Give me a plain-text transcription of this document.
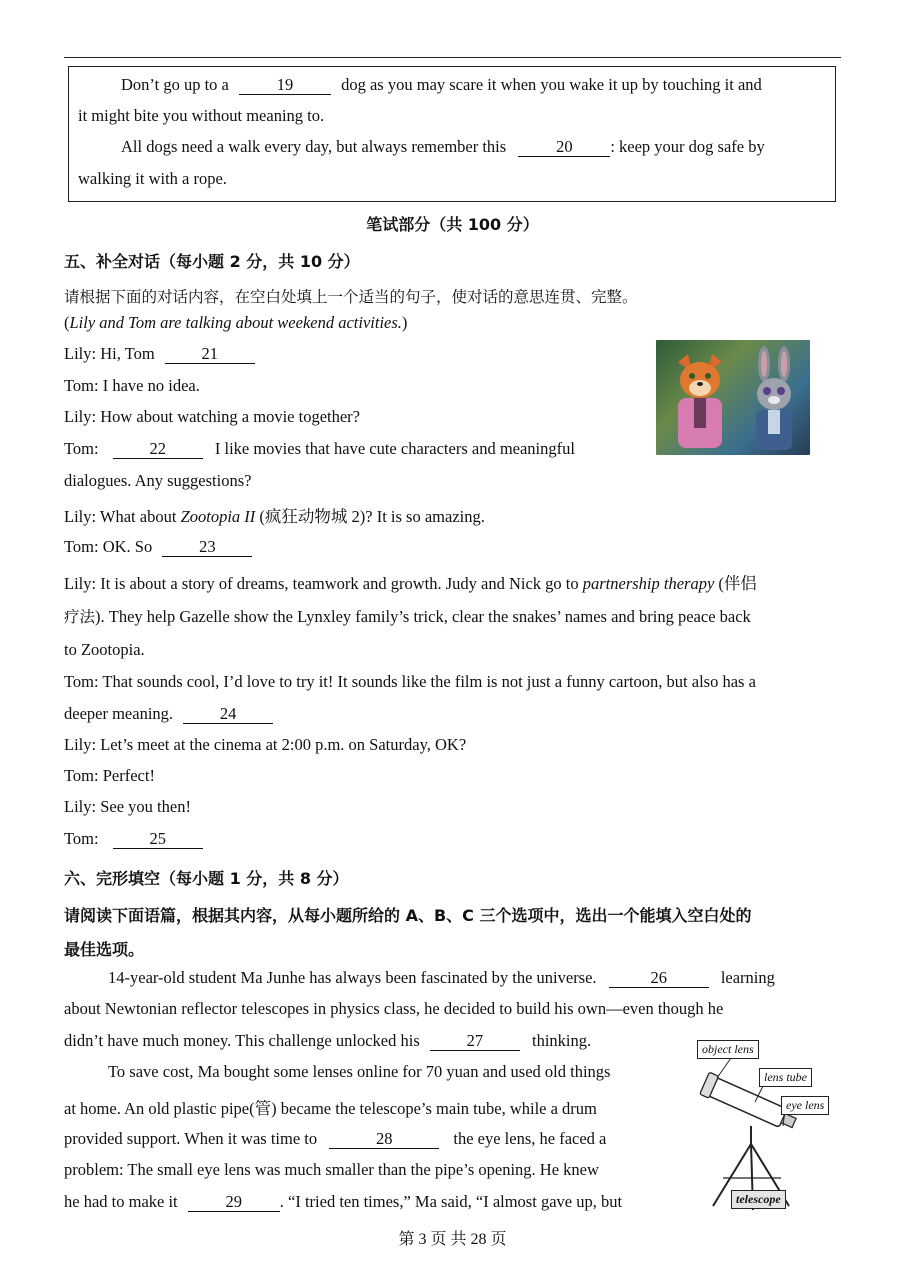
Don’t go up to a	19	dog as you may scare it when you wake it up by touching it and
it might bite you without meaning to.
All dogs need a walk every day, but always remember this	20 : keep your dog safe by
walking it with a rope.
笔试部分（共 100 分）
五、补全对话（每小题 2 分，共 10 分）
请根据下面的对话内容，在空白处填上一个适当的句子，使对话的意思连贯、完整。
(Lily and Tom are talking about weekend activities.)
Lily: Hi, Tom	21
Tom: I have no idea.
Lily: How about watching a movie together?
Tom:	22	I like movies that have cute characters and meaningful
dialogues. Any suggestions?
Lily: What about Zootopia II (疯狂动物城 2)? It is so amazing.
Tom: OK. So	23
Lily: It is about a story of dreams, teamwork and growth. Judy and Nick go to partnership therapy (伴侣
疗法). They help Gazelle show the Lynxley family’s trick, clear the snakes’ names and bring peace back
to Zootopia.
Tom: That sounds cool, I’d love to try it! It sounds like the film is not just a funny cartoon, but also has a
deeper meaning.	24
Lily: Let’s meet at the cinema at 2:00 p.m. on Saturday, OK?
Tom: Perfect!
Lily: See you then!
Tom:	25
六、完形填空（每小题 1 分，共 8 分）
请阅读下面语篇，根据其内容，从每小题所给的 A、B、C 三个选项中，选出一个能填入空白处的
最佳选项。
14-year-old student Ma Junhe has always been fascinated by the universe.	26	learning
about Newtonian reflector telescopes in physics class, he decided to build his own—even though he
didn’t have much money. This challenge unlocked his	27	thinking.
To save cost, Ma bought some lenses online for 70 yuan and used old things
at home. An old plastic pipe(管) became the telescope’s main tube, while a drum
provided support. When it was time to	28	the eye lens, he faced a
problem: The small eye lens was much smaller than the pipe’s opening. He knew
he had to make it	29 . “I tried ten times,” Ma said, “I almost gave up, but
object lens
lens tube
eye lens
telescope
第 3 页 共 28 页
